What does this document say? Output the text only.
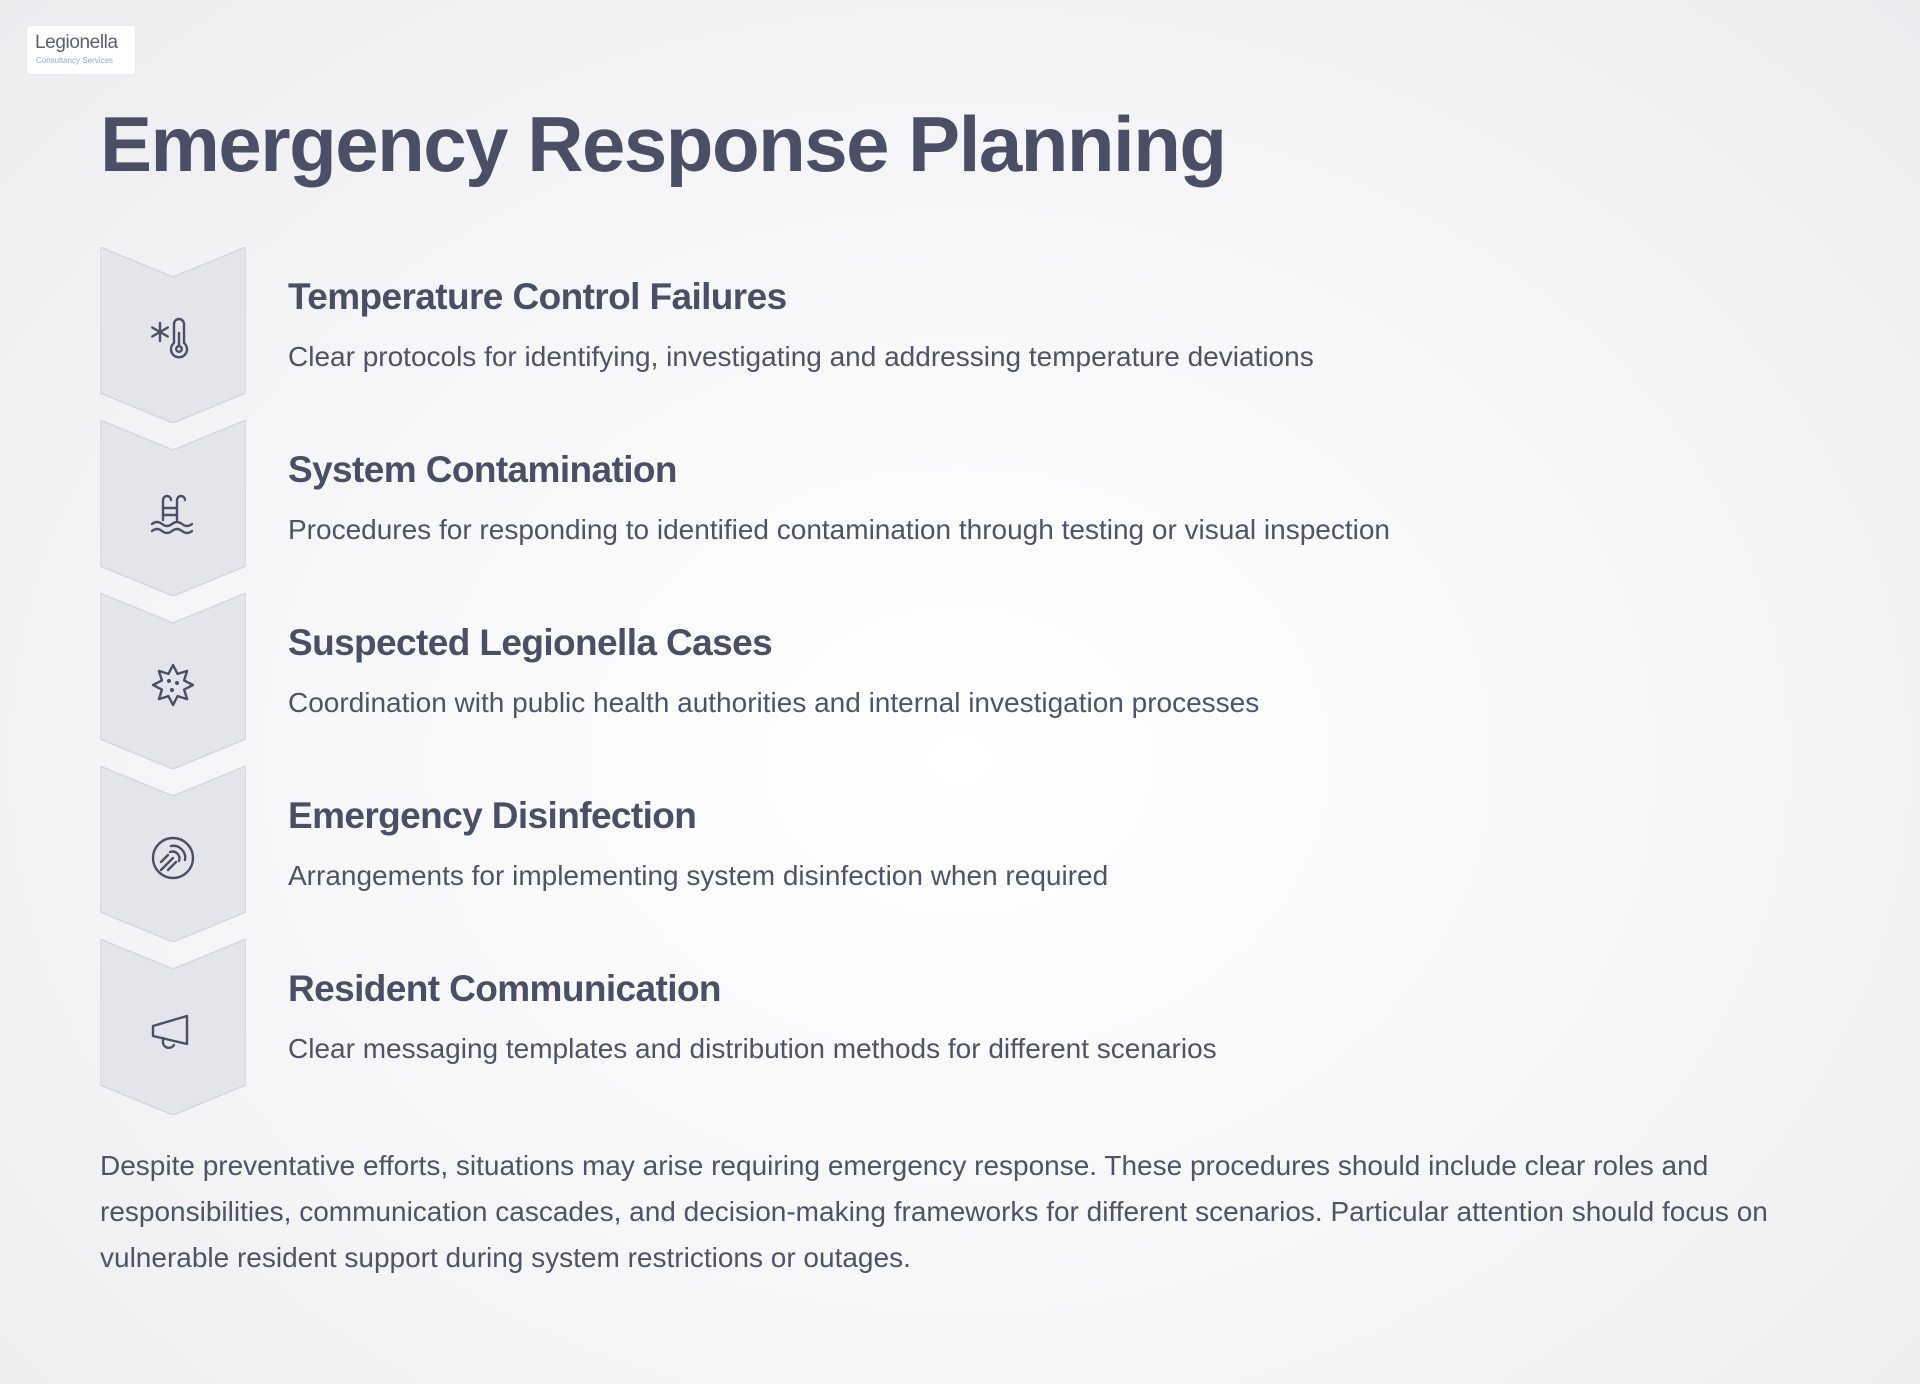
Legionella
Consultancy Services
Emergency Response Planning
Temperature Control Failures

Clear protocols for identifying, investigating and addressing temperature deviations

System Contamination

Procedures for responding to identified contamination through testing or visual inspection

Suspected Legionella Cases

Coordination with public health authorities and internal investigation processes

Emergency Disinfection

Arrangements for implementing system disinfection when required

Resident Communication

Clear messaging templates and distribution methods for different scenarios

Despite preventative efforts, situations may arise requiring emergency response. These procedures should include clear roles and responsibilities, communication cascades, and decision-making frameworks for different scenarios. Particular attention should focus on vulnerable resident support during system restrictions or outages.
